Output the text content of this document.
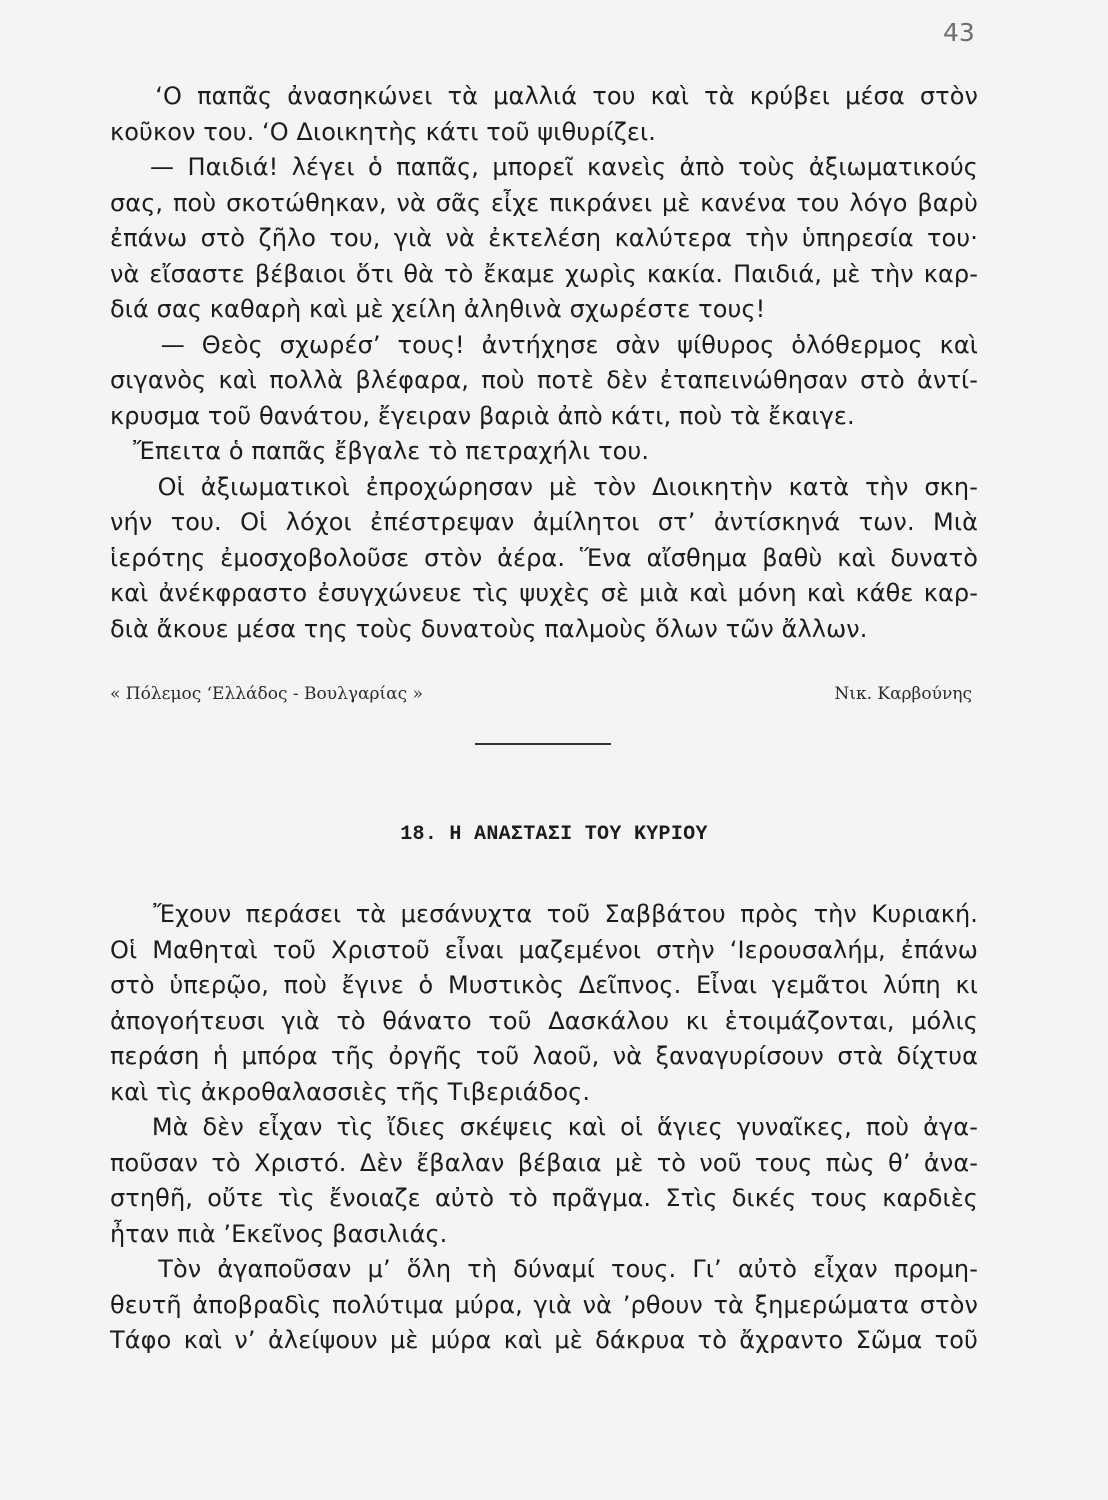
43
‘Ο παπᾶς ἀνασηκώνει τὰ μαλλιά του καὶ τὰ κρύβει μέσα στὸν
κοῦκον του. ‘Ο Διοικητὴς κάτι τοῦ ψιθυρίζει.
— Παιδιά! λέγει ὁ παπᾶς, μπορεῖ κανεὶς ἀπὸ τοὺς ἀξιωματικούς
σας, ποὺ σκοτώθηκαν, νὰ σᾶς εἶχε πικράνει μὲ κανένα του λόγο βαρὺ
ἐπάνω στὸ ζῆλο του, γιὰ νὰ ἐκτελέση καλύτερα τὴν ὑπηρεσία του·
νὰ εἴσαστε βέβαιοι ὅτι θὰ τὸ ἔκαμε χωρὶς κακία. Παιδιά, μὲ τὴν καρ-
διά σας καθαρὴ καὶ μὲ χείλη ἀληθινὰ σχωρέστε τους!
— Θεὸς σχωρέσ’ τους! ἀντήχησε σὰν ψίθυρος ὁλόθερμος καὶ
σιγανὸς καὶ πολλὰ βλέφαρα, ποὺ ποτὲ δὲν ἐταπεινώθησαν στὸ ἀντί-
κρυσμα τοῦ θανάτου, ἔγειραν βαριὰ ἀπὸ κάτι, ποὺ τὰ ἔκαιγε.
Ἔπειτα ὁ παπᾶς ἔβγαλε τὸ πετραχήλι του.
Οἱ ἀξιωματικοὶ ἐπροχώρησαν μὲ τὸν Διοικητὴν κατὰ τὴν σκη-
νήν του. Οἱ λόχοι ἐπέστρεψαν ἀμίλητοι στ’ ἀντίσκηνά των. Μιὰ
ἱερότης ἐμοσχοβολοῦσε στὸν ἀέρα. Ἕνα αἴσθημα βαθὺ καὶ δυνατὸ
καὶ ἀνέκφραστο ἐσυγχώνευε τὶς ψυχὲς σὲ μιὰ καὶ μόνη καὶ κάθε καρ-
διὰ ἄκουε μέσα της τοὺς δυνατοὺς παλμοὺς ὅλων τῶν ἄλλων.
« Πόλεμος ‘Ελλάδος - Βουλγαρίας »	Νικ. Καρβούνης
18. Η ΑΝΑΣΤΑΣΙ ΤΟΥ ΚΥΡΙΟΥ
Ἔχουν περάσει τὰ μεσάνυχτα τοῦ Σαββάτου πρὸς τὴν Κυριακή.
Οἱ Μαθηταὶ τοῦ Χριστοῦ εἶναι μαζεμένοι στὴν ‘Ιερουσαλήμ, ἐπάνω
στὸ ὑπερῷο, ποὺ ἔγινε ὁ Μυστικὸς Δεῖπνος. Εἶναι γεμᾶτοι λύπη κι
ἀπογοήτευσι γιὰ τὸ θάνατο τοῦ Δασκάλου κι ἑτοιμάζονται, μόλις
περάση ἡ μπόρα τῆς ὀργῆς τοῦ λαοῦ, νὰ ξαναγυρίσουν στὰ δίχτυα
καὶ τὶς ἀκροθαλασσιὲς τῆς Τιβεριάδος.
Μὰ δὲν εἶχαν τὶς ἴδιες σκέψεις καὶ οἱ ἅγιες γυναῖκες, ποὺ ἀγα-
ποῦσαν τὸ Χριστό. Δὲν ἔβαλαν βέβαια μὲ τὸ νοῦ τους πὼς θ’ ἀνα-
στηθῆ, οὔτε τὶς ἔνοιαζε αὐτὸ τὸ πρᾶγμα. Στὶς δικές τους καρδιὲς
ἦταν πιὰ ’Εκεῖνος βασιλιάς.
Τὸν ἀγαποῦσαν μ’ ὅλη τὴ δύναμί τους. Γι’ αὐτὸ εἶχαν προμη-
θευτῆ ἀποβραδὶς πολύτιμα μύρα, γιὰ νὰ ’ρθουν τὰ ξημερώματα στὸν
Τάφο καὶ ν’ ἀλείψουν μὲ μύρα καὶ μὲ δάκρυα τὸ ἄχραντο Σῶμα τοῦ
